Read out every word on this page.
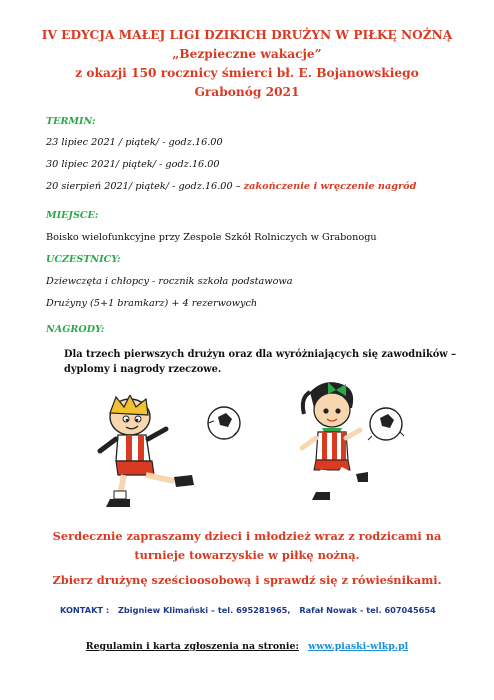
IV EDYCJA MAŁEJ LIGI DZIKICH DRUŻYN W PIŁKĘ NOŻNĄ
„Bezpieczne wakacje”
z okazji 150 rocznicy śmierci bł. E. Bojanowskiego
Grabonóg 2021
TERMIN:
23 lipiec 2021 / piątek/ - godz.16.00
30 lipiec 2021/ piątek/ - godz.16.00
20 sierpień 2021/ piątek/ - godz.16.00 – zakończenie i wręczenie nagród
MIEJSCE:
Boisko wielofunkcyjne przy Zespole Szkół Rolniczych w Grabonogu
UCZESTNICY:
Dziewczęta i chłopcy - rocznik szkoła podstawowa
Drużyny (5+1 bramkarz) + 4 rezerwowych
NAGRODY:
Dla trzech pierwszych drużyn oraz dla wyróżniających się zawodników – dyplomy i nagrody rzeczowe.
Serdecznie zapraszamy dzieci i młodzież wraz z rodzicami na
turnieje towarzyskie w piłkę nożną.
Zbierz drużynę sześcioosobową i sprawdź się z rówieśnikami.
KONTAKT : Zbigniew Klimański – tel. 695281965, Rafał Nowak - tel. 607045654
Regulamin i karta zgłoszenia na stronie: www.piaski-wlkp.pl
